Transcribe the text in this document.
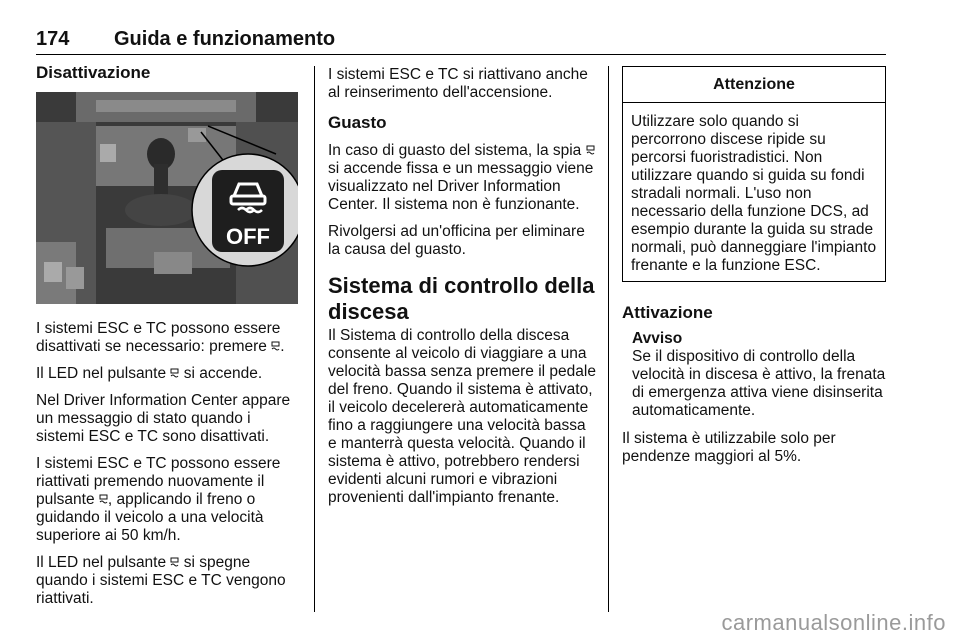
174 Guida e funzionamento
Disattivazione
OFF

I sistemi ESC e TC possono essere disattivati se necessario: premere .

Il LED nel pulsante si accende.

Nel Driver Information Center appare un messaggio di stato quando i sistemi ESC e TC sono disattivati.

I sistemi ESC e TC possono essere riattivati premendo nuovamente il pulsante , applicando il freno o guidando il veicolo a una velocità superiore ai 50 km/h.

Il LED nel pulsante si spegne quando i sistemi ESC e TC vengono riattivati.

I sistemi ESC e TC si riattivano anche al reinserimento dell'accensione.

Guasto

In caso di guasto del sistema, la spia  si accende fissa e un messaggio viene visualizzato nel Driver Information Center. Il sistema non è funzionante.

Rivolgersi ad un'officina per eliminare la causa del guasto.

Sistema di controllo della discesa

Il Sistema di controllo della discesa consente al veicolo di viaggiare a una velocità bassa senza premere il pedale del freno. Quando il sistema è attivato, il veicolo decelererà automaticamente fino a raggiungere una velocità bassa e manterrà questa velocità. Quando il sistema è attivo, potrebbero rendersi evidenti alcuni rumori e vibrazioni provenienti dall'impianto frenante.

Attenzione
Utilizzare solo quando si percorrono discese ripide su percorsi fuoristradistici. Non utilizzare quando si guida su fondi stradali normali. L'uso non necessario della funzione DCS, ad esempio durante la guida su strade normali, può danneggiare l'impianto frenante e la funzione ESC.
Attivazione
Avviso
Se il dispositivo di controllo della velocità in discesa è attivo, la frenata di emergenza attiva viene disinserita automaticamente.

Il sistema è utilizzabile solo per pendenze maggiori al 5%.

carmanualsonline.info
